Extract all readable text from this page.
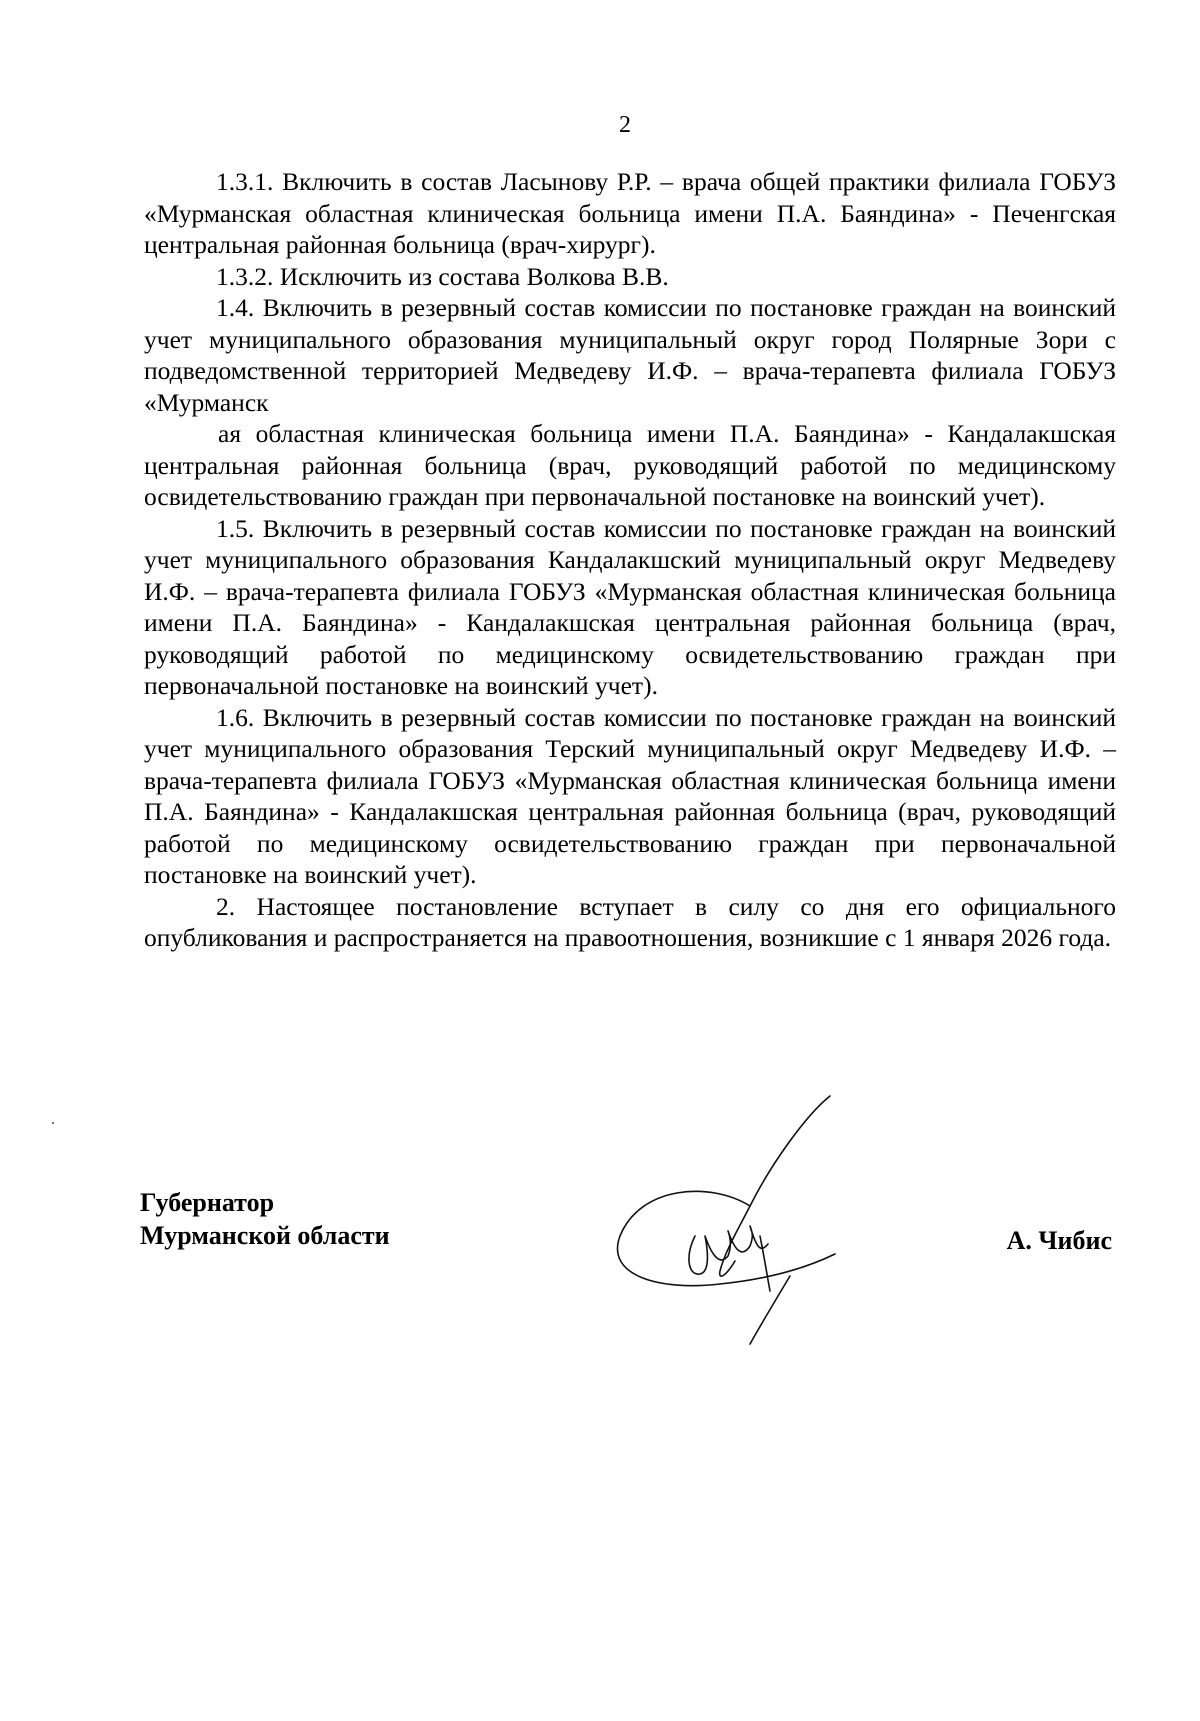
2

1.3.1. Включить в состав Ласынову Р.Р. – врача общей практики филиала ГОБУЗ «Мурманская областная клиническая больница имени П.А. Баяндина» - Печенгская центральная районная больница (врач-хирург).

1.3.2. Исключить из состава Волкова В.В.

1.4. Включить в резервный состав комиссии по постановке граждан на воинский учет муниципального образования муниципальный округ город Полярные Зори с подведомственной территорией Медведеву И.Ф. – врача-терапевта филиала ГОБУЗ «Мурманск

ая областная клиническая больница имени П.А. Баяндина» - Кандалакшская центральная районная больница (врач, руководящий работой по медицинскому освидетельствованию граждан при первоначальной постановке на воинский учет).

1.5. Включить в резервный состав комиссии по постановке граждан на воинский учет муниципального образования Кандалакшский муниципальный округ Медведеву И.Ф. – врача-терапевта филиала ГОБУЗ «Мурманская областная клиническая больница имени П.А. Баяндина» - Кандалакшская центральная районная больница (врач, руководящий работой по медицинскому освидетельствованию граждан при первоначальной постановке на воинский учет).

1.6. Включить в резервный состав комиссии по постановке граждан на воинский учет муниципального образования Терский муниципальный округ Медведеву И.Ф. – врача-терапевта филиала ГОБУЗ «Мурманская областная клиническая больница имени П.А. Баяндина» - Кандалакшская центральная районная больница (врач, руководящий работой по медицинскому освидетельствованию граждан при первоначальной постановке на воинский учет).

2. Настоящее постановление вступает в силу со дня его официального опубликования и распространяется на правоотношения, возникшие с 1 января 2026 года.

Губернатор
Мурманской области	А. Чибис
